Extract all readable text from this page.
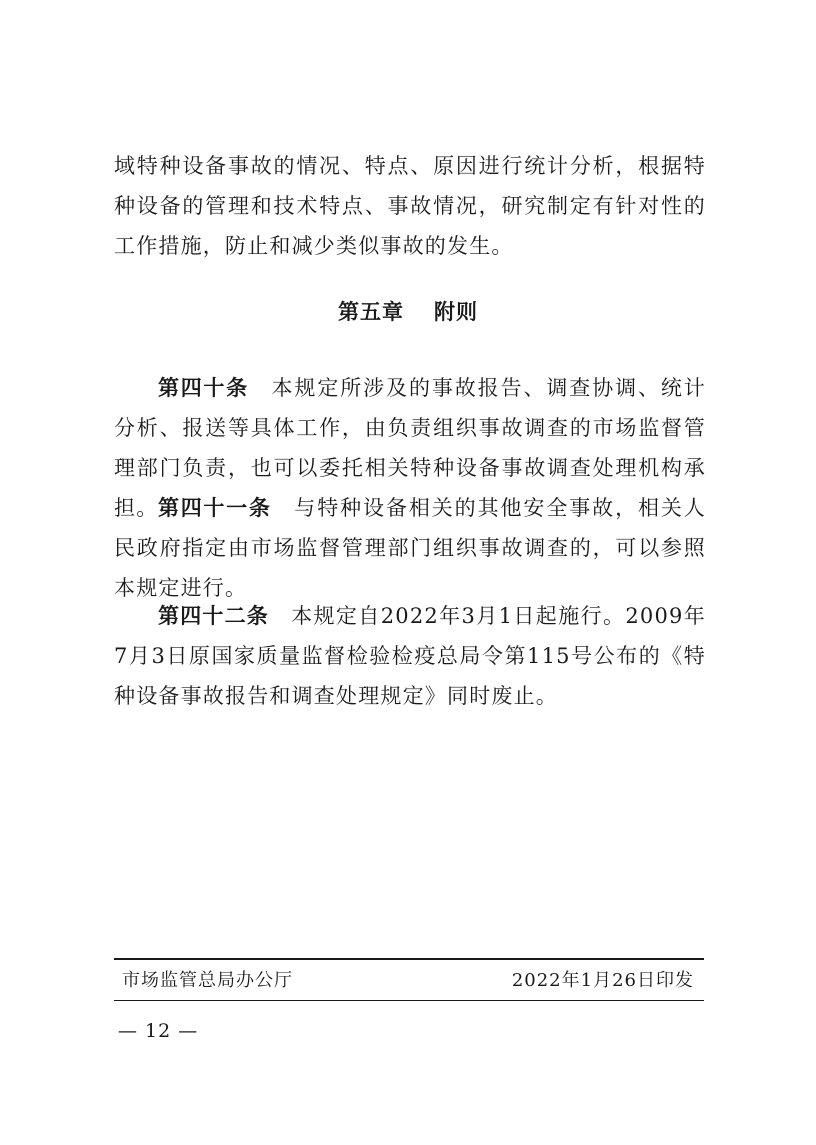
域特种设备事故的情况、特点、原因进行统计分析，根据特种设备的管理和技术特点、事故情况，研究制定有针对性的工作措施，防止和减少类似事故的发生。

第五章 附则

第四十条 本规定所涉及的事故报告、调查协调、统计分析、报送等具体工作，由负责组织事故调查的市场监督管理部门负责，也可以委托相关特种设备事故调查处理机构承担。 第四十一条 与特种设备相关的其他安全事故，相关人民政府指定由市场监督管理部门组织事故调查的，可以参照本规定进行。

第四十二条 本规定自2022年3月1日起施行。2009年7月3日原国家质量监督检验检疫总局令第115号公布的《特种设备事故报告和调查处理规定》同时废止。

市场监管总局办公厅	2022年1月26日印发
— 12 —
